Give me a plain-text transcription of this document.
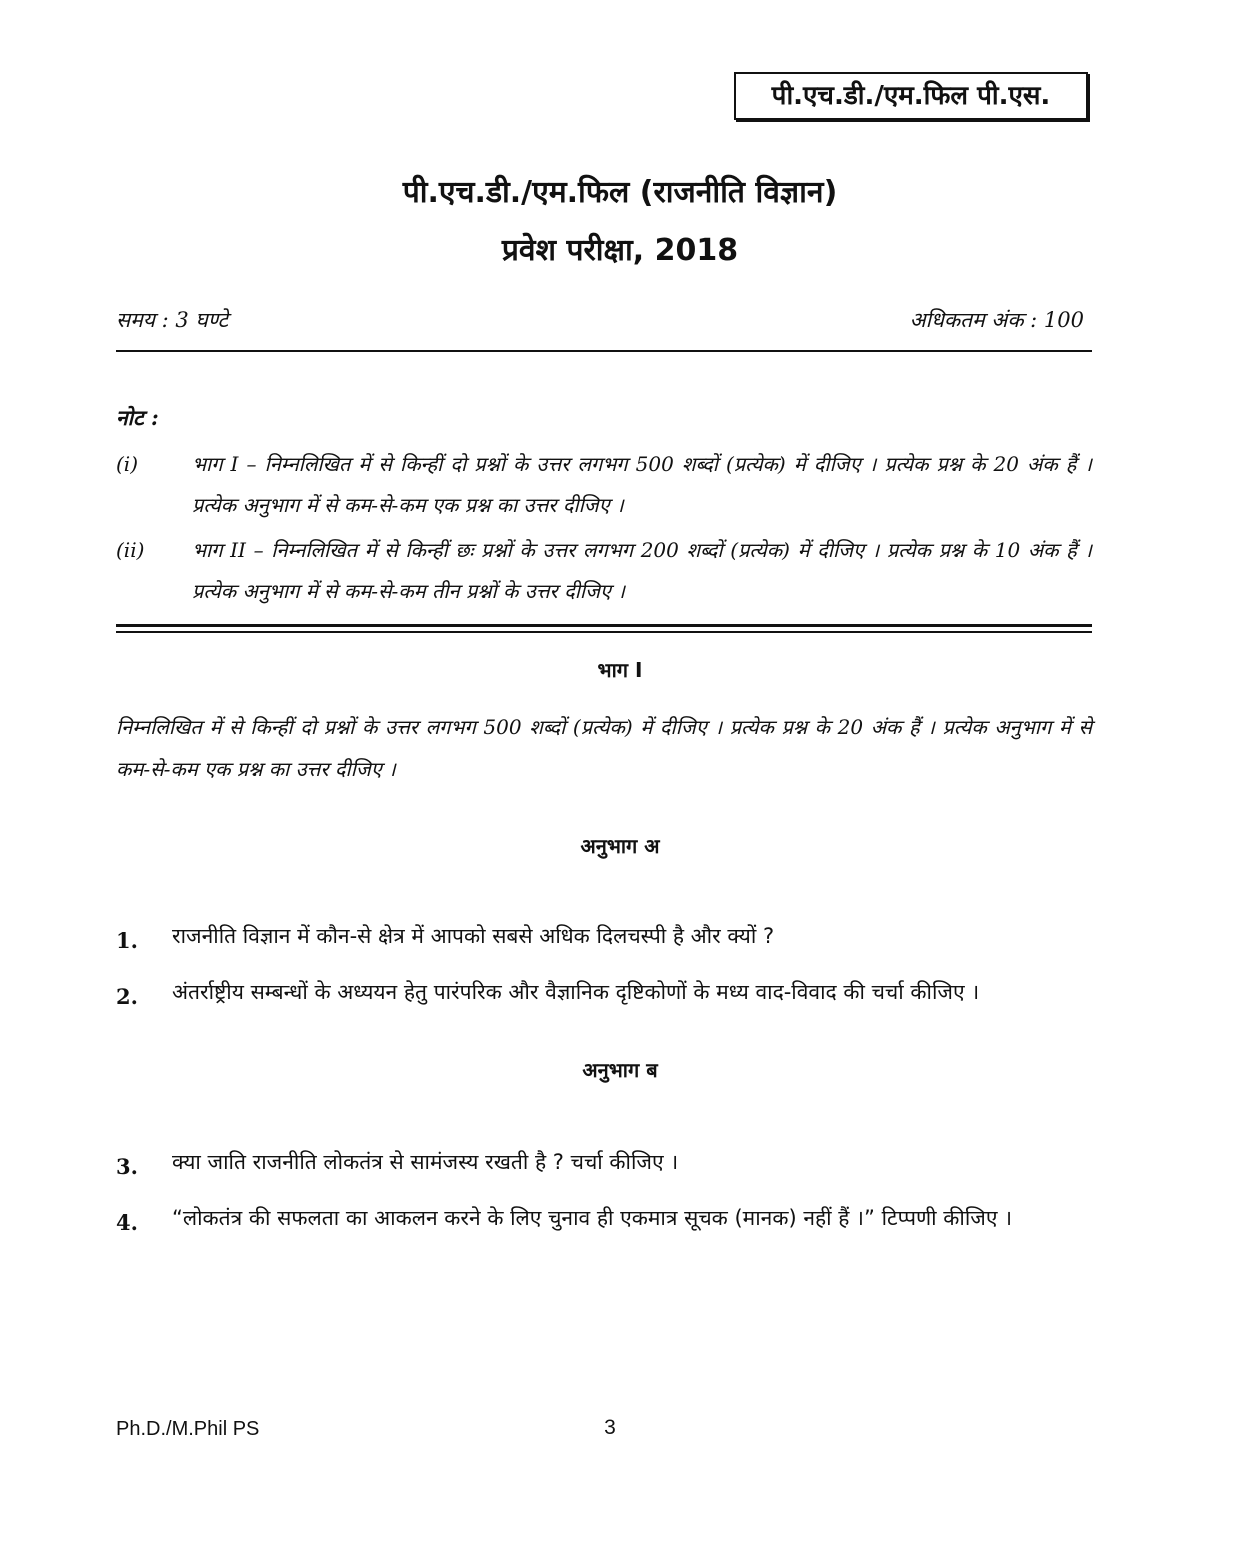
पी.एच.डी./एम.फिल पी.एस.
पी.एच.डी./एम.फिल (राजनीति विज्ञान)
प्रवेश परीक्षा, 2018
समय : 3 घण्टे	अधिकतम अंक : 100
नोट :
(i)	भाग I – निम्नलिखित में से किन्हीं दो प्रश्नों के उत्तर लगभग 500 शब्दों (प्रत्येक) में दीजिए । प्रत्येक प्रश्न के 20 अंक हैं । प्रत्येक अनुभाग में से कम-से-कम एक प्रश्न का उत्तर दीजिए ।
(ii)	भाग II – निम्नलिखित में से किन्हीं छः प्रश्नों के उत्तर लगभग 200 शब्दों (प्रत्येक) में दीजिए । प्रत्येक प्रश्न के 10 अंक हैं । प्रत्येक अनुभाग में से कम-से-कम तीन प्रश्नों के उत्तर दीजिए ।
भाग I
निम्नलिखित में से किन्हीं दो प्रश्नों के उत्तर लगभग 500 शब्दों (प्रत्येक) में दीजिए । प्रत्येक प्रश्न के 20 अंक हैं । प्रत्येक अनुभाग में से कम-से-कम एक प्रश्न का उत्तर दीजिए ।
अनुभाग अ
1. राजनीति विज्ञान में कौन-से क्षेत्र में आपको सबसे अधिक दिलचस्पी है और क्यों ?
2. अंतर्राष्ट्रीय सम्बन्धों के अध्ययन हेतु पारंपरिक और वैज्ञानिक दृष्टिकोणों के मध्य वाद-विवाद की चर्चा कीजिए ।
अनुभाग ब
3. क्या जाति राजनीति लोकतंत्र से सामंजस्य रखती है ? चर्चा कीजिए ।
4. “लोकतंत्र की सफलता का आकलन करने के लिए चुनाव ही एकमात्र सूचक (मानक) नहीं हैं ।” टिप्पणी कीजिए ।
Ph.D./M.Phil PS	3
